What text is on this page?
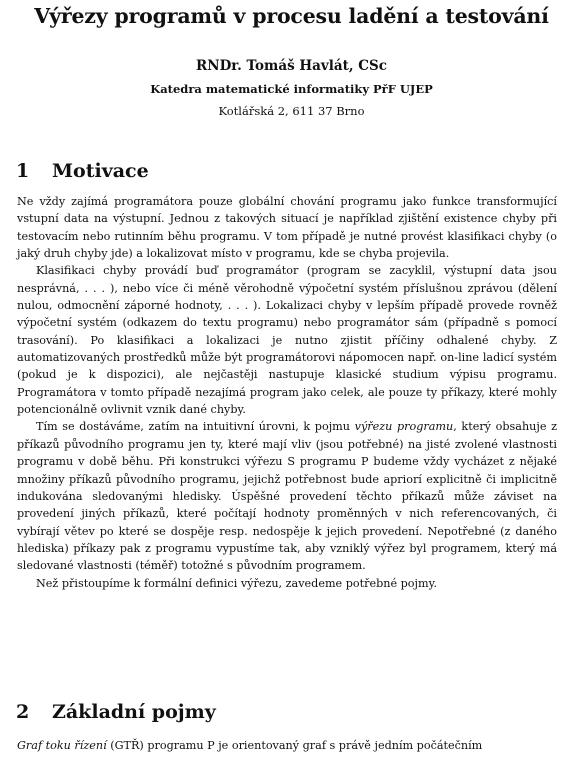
Výřezy programů v procesu ladění a testování
RNDr. Tomáš Havlát, CSc
Katedra matematické informatiky PřF UJEP
Kotlářská 2, 611 37 Brno
1 Motivace

Ne vždy zajímá programátora pouze globální chování programu jako funkce transformující vstupní data na výstupní. Jednou z takových situací je například zjištění existence chyby při testovacím nebo rutinním běhu programu. V tom případě je nutné provést klasifikaci chyby (o jaký druh chyby jde) a lokalizovat místo v programu, kde se chyba projevila.

Klasifikaci chyby provádí buď programátor (program se zacyklil, výstupní data jsou nesprávná, . . . ), nebo více či méně věrohodně výpočetní systém příslušnou zprávou (dělení nulou, odmocnění záporné hodnoty, . . . ). Lokalizaci chyby v lepším případě provede rovněž výpočetní systém (odkazem do textu programu) nebo programátor sám (případně s pomocí trasování). Po klasifikaci a lokalizaci je nutno zjistit příčiny odhalené chyby. Z automatizovaných prostředků může být programátorovi nápomocen např. on-line ladicí systém (pokud je k dispozici), ale nejčastěji nastupuje klasické studium výpisu programu. Programátora v tomto případě nezajímá program jako celek, ale pouze ty příkazy, které mohly potencionálně ovlivnit vznik dané chyby.

Tím se dostáváme, zatím na intuitivní úrovni, k pojmu výřezu programu, který obsahuje z příkazů původního programu jen ty, které mají vliv (jsou potřebné) na jisté zvolené vlastnosti programu v době běhu. Při konstrukci výřezu S programu P budeme vždy vycházet z nějaké množiny příkazů původního programu, jejichž potřebnost bude apriorí explicitně či implicitně indukována sledovanými hledisky. Úspěšné provedení těchto příkazů může záviset na provedení jiných příkazů, které počítají hodnoty proměnných v nich referencovaných, či vybírají větev po které se dospěje resp. nedospěje k jejich provedení. Nepotřebné (z daného hlediska) příkazy pak z programu vypustíme tak, aby vzniklý výřez byl programem, který má sledované vlastnosti (téměř) totožné s původním programem.

Než přistoupíme k formální definici výřezu, zavedeme potřebné pojmy.

2 Základní pojmy

Graf toku řízení (GTŘ) programu P je orientovaný graf s právě jedním počátečním
